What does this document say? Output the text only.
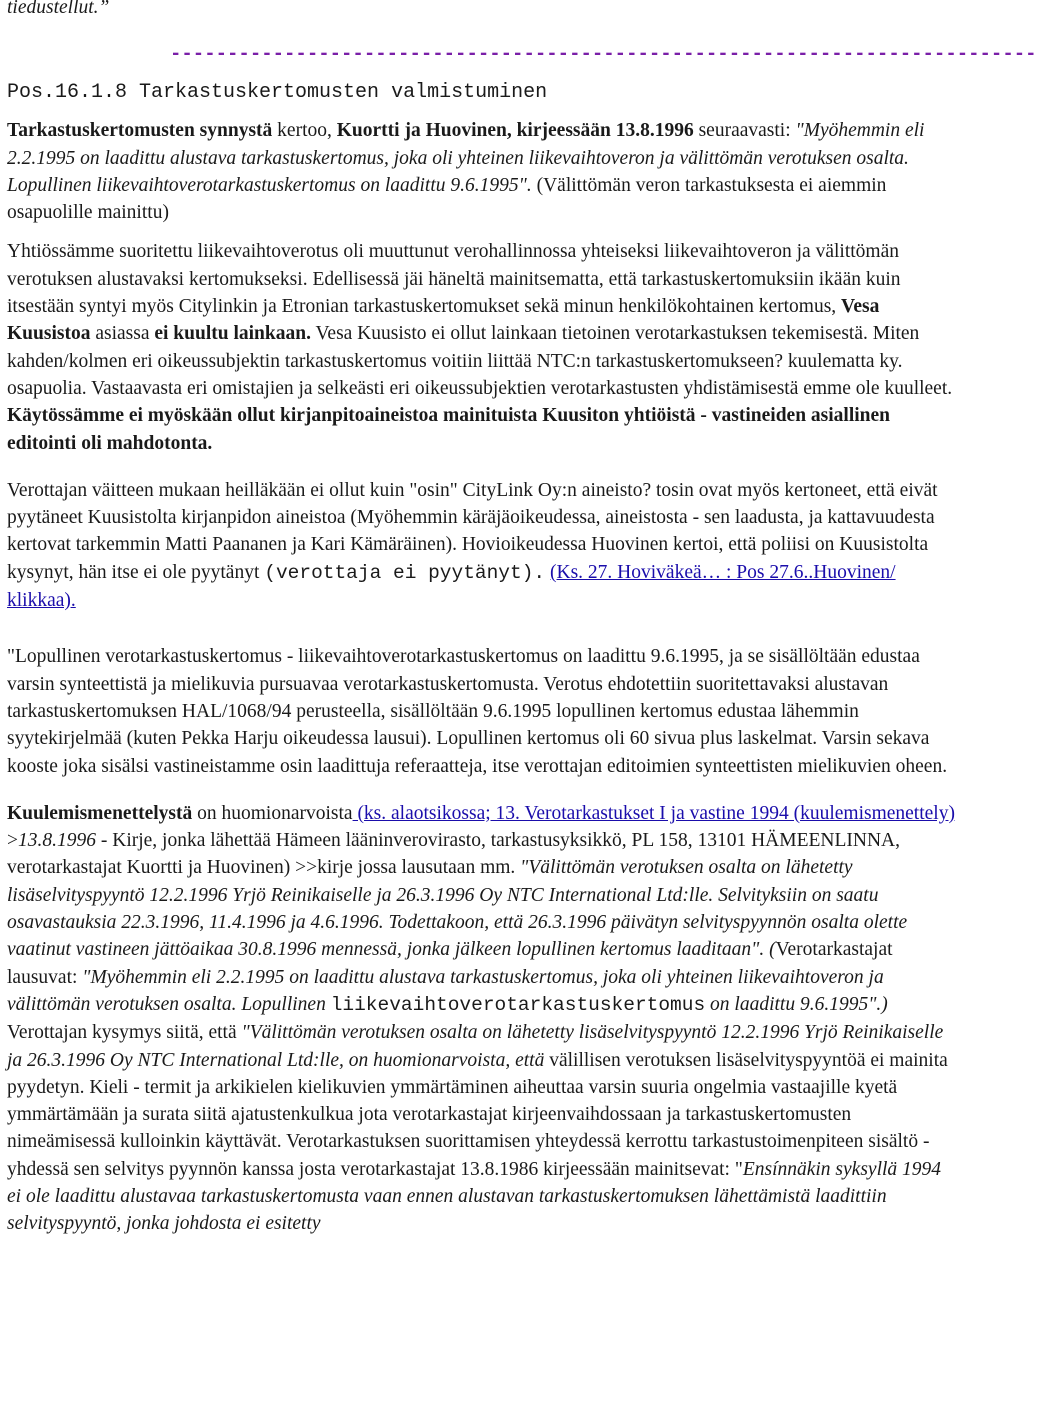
tiedustellut.”

----------------------------------------------------------------------------

Pos.16.1.8 Tarkastuskertomusten valmistuminen

Tarkastuskertomusten synnystä kertoo, Kuortti ja Huovinen, kirjeessään 13.8.1996 seuraavasti: "Myöhemmin eli 2.2.1995 on laadittu alustava tarkastuskertomus, joka oli yhteinen liikevaihtoveron ja välittömän verotuksen osalta. Lopullinen liikevaihtoverotarkastuskertomus on laadittu 9.6.1995". (Välittömän veron tarkastuksesta ei aiemmin osapuolille mainittu)

Yhtiössämme suoritettu liikevaihtoverotus oli muuttunut verohallinnossa yhteiseksi liikevaihtoveron ja välittömän verotuksen alustavaksi kertomukseksi. Edellisessä jäi häneltä mainitsematta, että tarkastuskertomuksiin ikään kuin itsestään syntyi myös Citylinkin ja Etronian tarkastuskertomukset sekä minun henkilökohtainen kertomus, Vesa Kuusistoa asiassa ei kuultu lainkaan. Vesa Kuusisto ei ollut lainkaan tietoinen verotarkastuksen tekemisestä. Miten kahden/kolmen eri oikeussubjektin tarkastuskertomus voitiin liittää NTC:n tarkastuskertomukseen? kuulematta ky. osapuolia. Vastaavasta eri omistajien ja selkeästi eri oikeussubjektien verotarkastusten yhdistämisestä emme ole kuulleet. Käytössämme ei myöskään ollut kirjanpitoaineistoa mainituista Kuusiton yhtiöistä - vastineiden asiallinen editointi oli mahdotonta.

Verottajan väitteen mukaan heilläkään ei ollut kuin "osin" CityLink Oy:n aineisto? tosin ovat myös kertoneet, että eivät pyytäneet Kuusistolta kirjanpidon aineistoa (Myöhemmin käräjäoikeudessa, aineistosta - sen laadusta, ja kattavuudesta kertovat tarkemmin Matti Paananen ja Kari Kämäräinen). Hovioikeudessa Huovinen kertoi, että poliisi on Kuusistolta kysynyt, hän itse ei ole pyytänyt (verottaja ei pyytänyt). (Ks. 27. Hoviväkeä… : Pos 27.6..Huovinen/ klikkaa).

"Lopullinen verotarkastuskertomus - liikevaihtoverotarkastuskertomus on laadittu 9.6.1995, ja se sisällöltään edustaa varsin synteettistä ja mielikuvia pursuavaa verotarkastuskertomusta. Verotus ehdotettiin suoritettavaksi alustavan tarkastuskertomuksen HAL/1068/94 perusteella, sisällöltään 9.6.1995 lopullinen kertomus edustaa lähemmin syytekirjelmää (kuten Pekka Harju oikeudessa lausui). Lopullinen kertomus oli 60 sivua plus laskelmat. Varsin sekava kooste joka sisälsi vastineistamme osin laadittuja referaatteja, itse verottajan editoimien synteettisten mielikuvien oheen.

Kuulemismenettelystä on huomionarvoista (ks. alaotsikossa; 13. Verotarkastukset I ja vastine 1994 (kuulemismenettely) >13.8.1996 - Kirje, jonka lähettää Hämeen lääninverovirasto, tarkastusyksikkö, PL 158, 13101 HÄMEENLINNA, verotarkastajat Kuortti ja Huovinen) >>kirje jossa lausutaan mm. "Välittömän verotuksen osalta on lähetetty lisäselvityspyyntö 12.2.1996 Yrjö Reinikaiselle ja 26.3.1996 Oy NTC International Ltd:lle. Selvityksiin on saatu osavastauksia 22.3.1996, 11.4.1996 ja 4.6.1996. Todettakoon, että 26.3.1996 päivätyn selvityspyynnön osalta olette vaatinut vastineen jättöaikaa 30.8.1996 mennessä, jonka jälkeen lopullinen kertomus laaditaan". (Verotarkastajat lausuvat: "Myöhemmin eli 2.2.1995 on laadittu alustava tarkastuskertomus, joka oli yhteinen liikevaihtoveron ja välittömän verotuksen osalta. Lopullinen liikevaihtoverotarkastuskertomus on laadittu 9.6.1995".) Verottajan kysymys siitä, että "Välittömän verotuksen osalta on lähetetty lisäselvityspyyntö 12.2.1996 Yrjö Reinikaiselle ja 26.3.1996 Oy NTC International Ltd:lle, on huomionarvoista, että välillisen verotuksen lisäselvityspyyntöä ei mainita pyydetyn. Kieli - termit ja arkikielen kielikuvien ymmärtäminen aiheuttaa varsin suuria ongelmia vastaajille kyetä ymmärtämään ja surata siitä ajatustenkulkua jota verotarkastajat kirjeenvaihdossaan ja tarkastuskertomusten nimeämisessä kulloinkin käyttävät. Verotarkastuksen suorittamisen yhteydessä kerrottu tarkastustoimenpiteen sisältö - yhdessä sen selvitys pyynnön kanssa josta verotarkastajat 13.8.1986 kirjeessään mainitsevat: "Ensínnäkin syksyllä 1994 ei ole laadittu alustavaa tarkastuskertomusta vaan ennen alustavan tarkastuskertomuksen lähettämistä laadittiin selvityspyyntö, jonka johdosta ei esitetty
